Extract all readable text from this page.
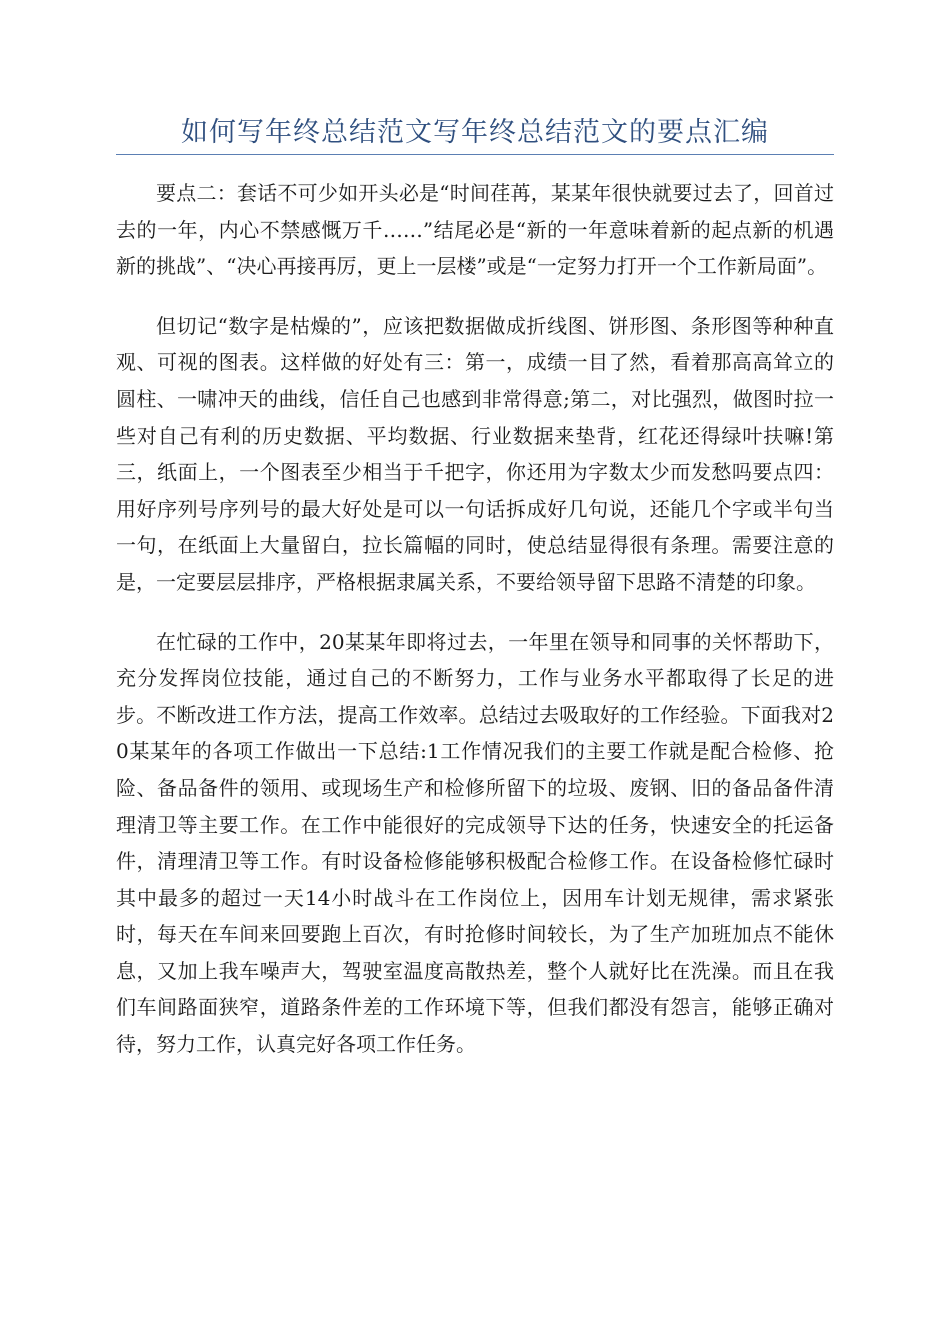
如何写年终总结范文写年终总结范文的要点汇编

要点二：套话不可少如开头必是“时间荏苒，某某年很快就要过去了，回首过去的一年，内心不禁感慨万千……”结尾必是“新的一年意味着新的起点新的机遇新的挑战”、“决心再接再厉，更上一层楼”或是“一定努力打开一个工作新局面”。

但切记“数字是枯燥的”，应该把数据做成折线图、饼形图、条形图等种种直观、可视的图表。这样做的好处有三：第一，成绩一目了然，看着那高高耸立的圆柱、一啸冲天的曲线，信任自己也感到非常得意;第二，对比强烈，做图时拉一些对自己有利的历史数据、平均数据、行业数据来垫背，红花还得绿叶扶嘛!第三，纸面上，一个图表至少相当于千把字，你还用为字数太少而发愁吗要点四：用好序列号序列号的最大好处是可以一句话拆成好几句说，还能几个字或半句当一句，在纸面上大量留白，拉长篇幅的同时，使总结显得很有条理。需要注意的是，一定要层层排序，严格根据隶属关系，不要给领导留下思路不清楚的印象。

在忙碌的工作中，20某某年即将过去，一年里在领导和同事的关怀帮助下，充分发挥岗位技能，通过自己的不断努力，工作与业务水平都取得了长足的进步。不断改进工作方法，提高工作效率。总结过去吸取好的工作经验。下面我对20某某年的各项工作做出一下总结:1工作情况我们的主要工作就是配合检修、抢险、备品备件的领用、或现场生产和检修所留下的垃圾、废钢、旧的备品备件清理清卫等主要工作。在工作中能很好的完成领导下达的任务，快速安全的托运备件，清理清卫等工作。有时设备检修能够积极配合检修工作。在设备检修忙碌时其中最多的超过一天14小时战斗在工作岗位上，因用车计划无规律，需求紧张时，每天在车间来回要跑上百次，有时抢修时间较长，为了生产加班加点不能休息，又加上我车噪声大，驾驶室温度高散热差，整个人就好比在洗澡。而且在我们车间路面狭窄，道路条件差的工作环境下等，但我们都没有怨言，能够正确对待，努力工作，认真完好各项工作任务。
